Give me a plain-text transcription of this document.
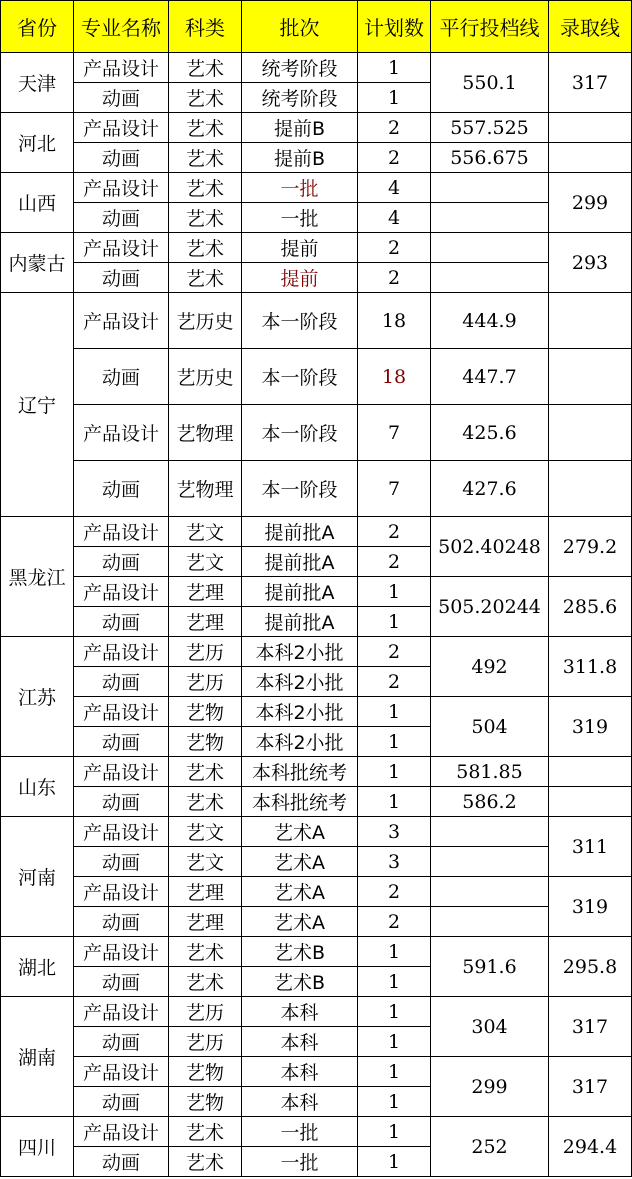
省份	专业名称	科类	批次	计划数	平行投档线	录取线
天津	产品设计	艺术	统考阶段	1	550.1	317
	动画	艺术	统考阶段	1		
河北	产品设计	艺术	提前B	2	557.525	
	动画	艺术	提前B	2	556.675	
山西	产品设计	艺术	一批	4		299
	动画	艺术	一批	4		
内蒙古	产品设计	艺术	提前	2		293
	动画	艺术	提前	2		
辽宁	产品设计	艺历史	本一阶段	18	444.9	
	动画	艺历史	本一阶段	18	447.7	
	产品设计	艺物理	本一阶段	7	425.6	
	动画	艺物理	本一阶段	7	427.6	
黑龙江	产品设计	艺文	提前批A	2	502.40248	279.2
	动画	艺文	提前批A	2		
	产品设计	艺理	提前批A	1	505.20244	285.6
	动画	艺理	提前批A	1		
江苏	产品设计	艺历	本科2小批	2	492	311.8
	动画	艺历	本科2小批	2		
	产品设计	艺物	本科2小批	1	504	319
	动画	艺物	本科2小批	1		
山东	产品设计	艺术	本科批统考	1	581.85	
	动画	艺术	本科批统考	1	586.2	
河南	产品设计	艺文	艺术A	3		311
	动画	艺文	艺术A	3		
	产品设计	艺理	艺术A	2		319
	动画	艺理	艺术A	2		
湖北	产品设计	艺术	艺术B	1	591.6	295.8
	动画	艺术	艺术B	1		
湖南	产品设计	艺历	本科	1	304	317
	动画	艺历	本科	1		
	产品设计	艺物	本科	1	299	317
	动画	艺物	本科	1		
四川	产品设计	艺术	一批	1	252	294.4
	动画	艺术	一批	1		
